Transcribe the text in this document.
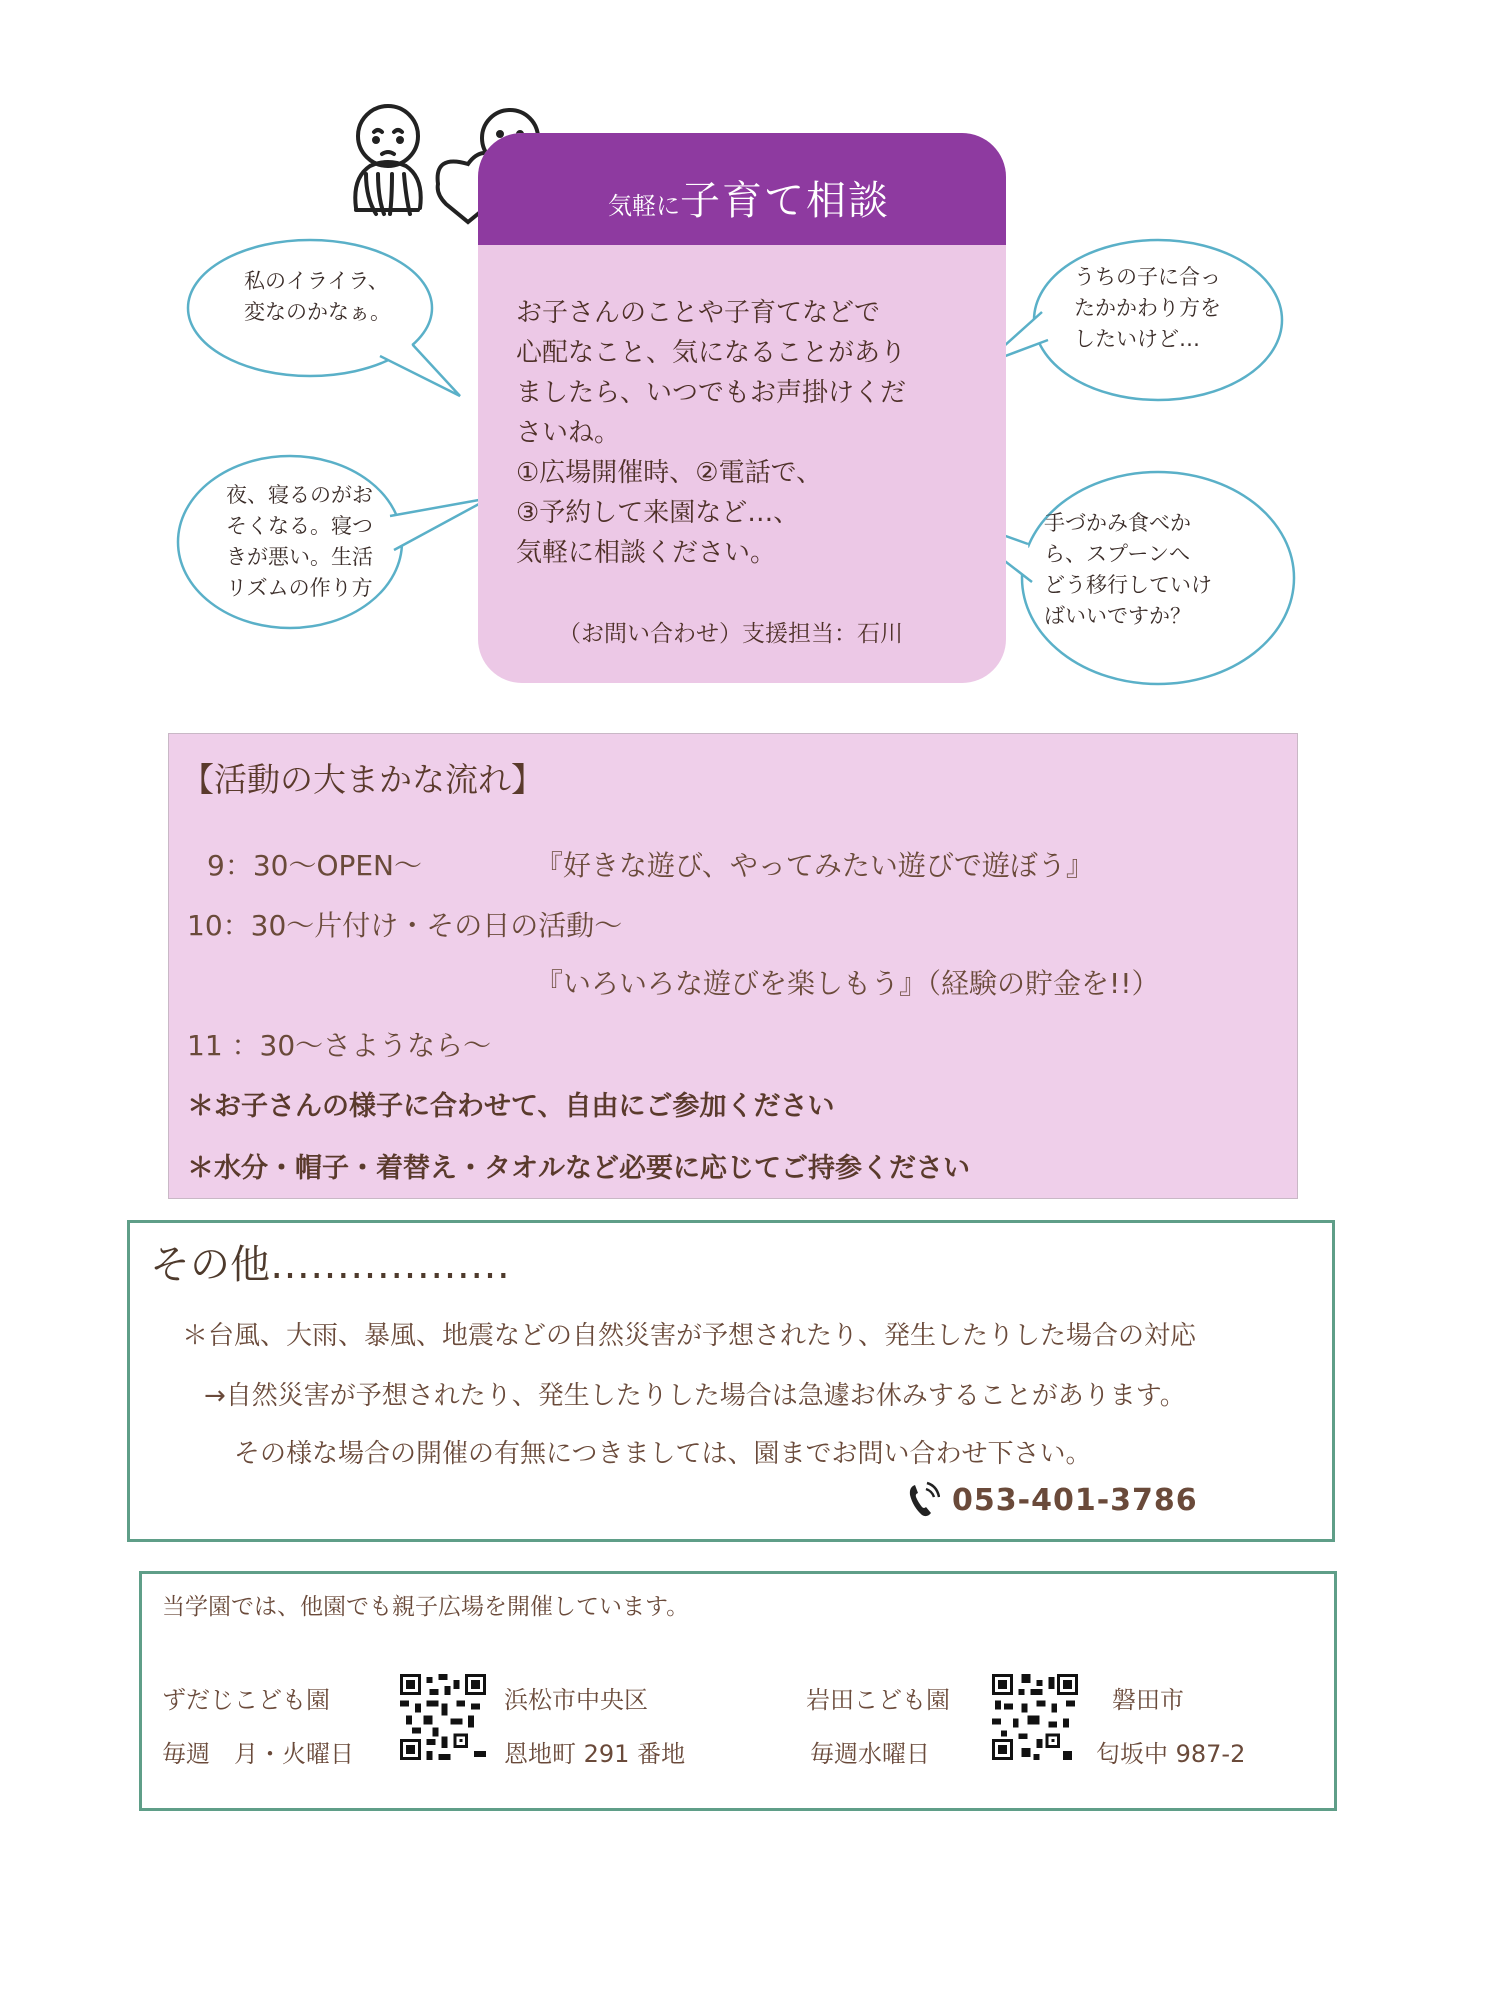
私のイライラ、
変なのかなぁ。
夜、寝るのがお
そくなる。寝つ
きが悪い。生活
リズムの作り方
うちの子に合っ
たかかわり方を
したいけど…
手づかみ食べか
ら、スプーンへ
どう移行していけ
ばいいですか？
気軽に子育て相談

お子さんのことや子育てなどで

心配なこと、気になることがあり

ましたら、いつでもお声掛けくだ

さいね。

①広場開催時、②電話で、

③予約して来園など…、

気軽に相談ください。

（お問い合わせ）支援担当：石川
【活動の大まかな流れ】
9：30～OPEN～	『好きな遊び、やってみたい遊びで遊ぼう』
10：30～片付け・その日の活動～
『いろいろな遊びを楽しもう』（経験の貯金を!!）
11 ：30～さようなら～
＊お子さんの様子に合わせて、自由にご参加ください
＊水分・帽子・着替え・タオルなど必要に応じてご持参ください
その他………………
＊台風、大雨、暴風、地震などの自然災害が予想されたり、発生したりした場合の対応
→自然災害が予想されたり、発生したりした場合は急遽お休みすることがあります。
その様な場合の開催の有無につきましては、園までお問い合わせ下さい。
053-401-3786
当学園では、他園でも親子広場を開催しています。
ずだじこども園
毎週　月・火曜日
浜松市中央区
恩地町 291 番地
岩田こども園
毎週水曜日
磐田市
匂坂中 987-2
